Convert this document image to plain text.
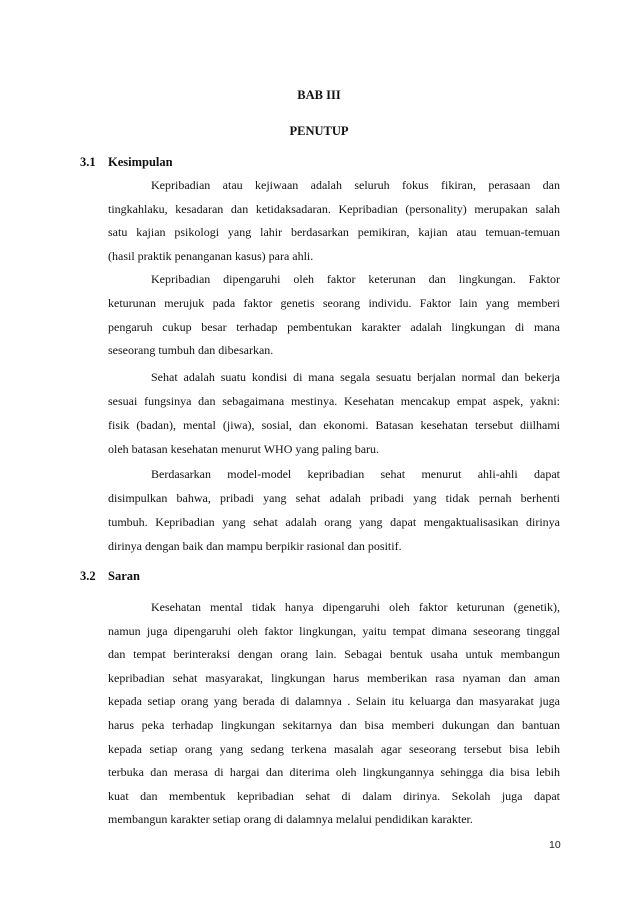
BAB III
PENUTUP
3.1 Kesimpulan
Kepribadian atau kejiwaan adalah seluruh fokus fikiran, perasaan dan
tingkahlaku, kesadaran dan ketidaksadaran. Kepribadian (personality) merupakan salah
satu kajian psikologi yang lahir berdasarkan pemikiran, kajian atau temuan-temuan
(hasil praktik penanganan kasus) para ahli.
Kepribadian dipengaruhi oleh faktor keterunan dan lingkungan. Faktor
keturunan merujuk pada faktor genetis seorang individu. Faktor lain yang memberi
pengaruh cukup besar terhadap pembentukan karakter adalah lingkungan di mana
seseorang tumbuh dan dibesarkan.
Sehat adalah suatu kondisi di mana segala sesuatu berjalan normal dan bekerja
sesuai fungsinya dan sebagaimana mestinya. Kesehatan mencakup empat aspek, yakni:
fisik (badan), mental (jiwa), sosial, dan ekonomi. Batasan kesehatan tersebut diilhami
oleh batasan kesehatan menurut WHO yang paling baru.
Berdasarkan model-model kepribadian sehat menurut ahli-ahli dapat
disimpulkan bahwa, pribadi yang sehat adalah pribadi yang tidak pernah berhenti
tumbuh. Kepribadian yang sehat adalah orang yang dapat mengaktualisasikan dirinya
dirinya dengan baik dan mampu berpikir rasional dan positif.
3.2 Saran
Kesehatan mental tidak hanya dipengaruhi oleh faktor keturunan (genetik),
namun juga dipengaruhi oleh faktor lingkungan, yaitu tempat dimana seseorang tinggal
dan tempat berinteraksi dengan orang lain. Sebagai bentuk usaha untuk membangun
kepribadian sehat masyarakat, lingkungan harus memberikan rasa nyaman dan aman
kepada setiap orang yang berada di dalamnya . Selain itu keluarga dan masyarakat juga
harus peka terhadap lingkungan sekitarnya dan bisa memberi dukungan dan bantuan
kepada setiap orang yang sedang terkena masalah agar seseorang tersebut bisa lebih
terbuka dan merasa di hargai dan diterima oleh lingkungannya sehingga dia bisa lebih
kuat dan membentuk kepribadian sehat di dalam dirinya. Sekolah juga dapat
membangun karakter setiap orang di dalamnya melalui pendidikan karakter.
10
